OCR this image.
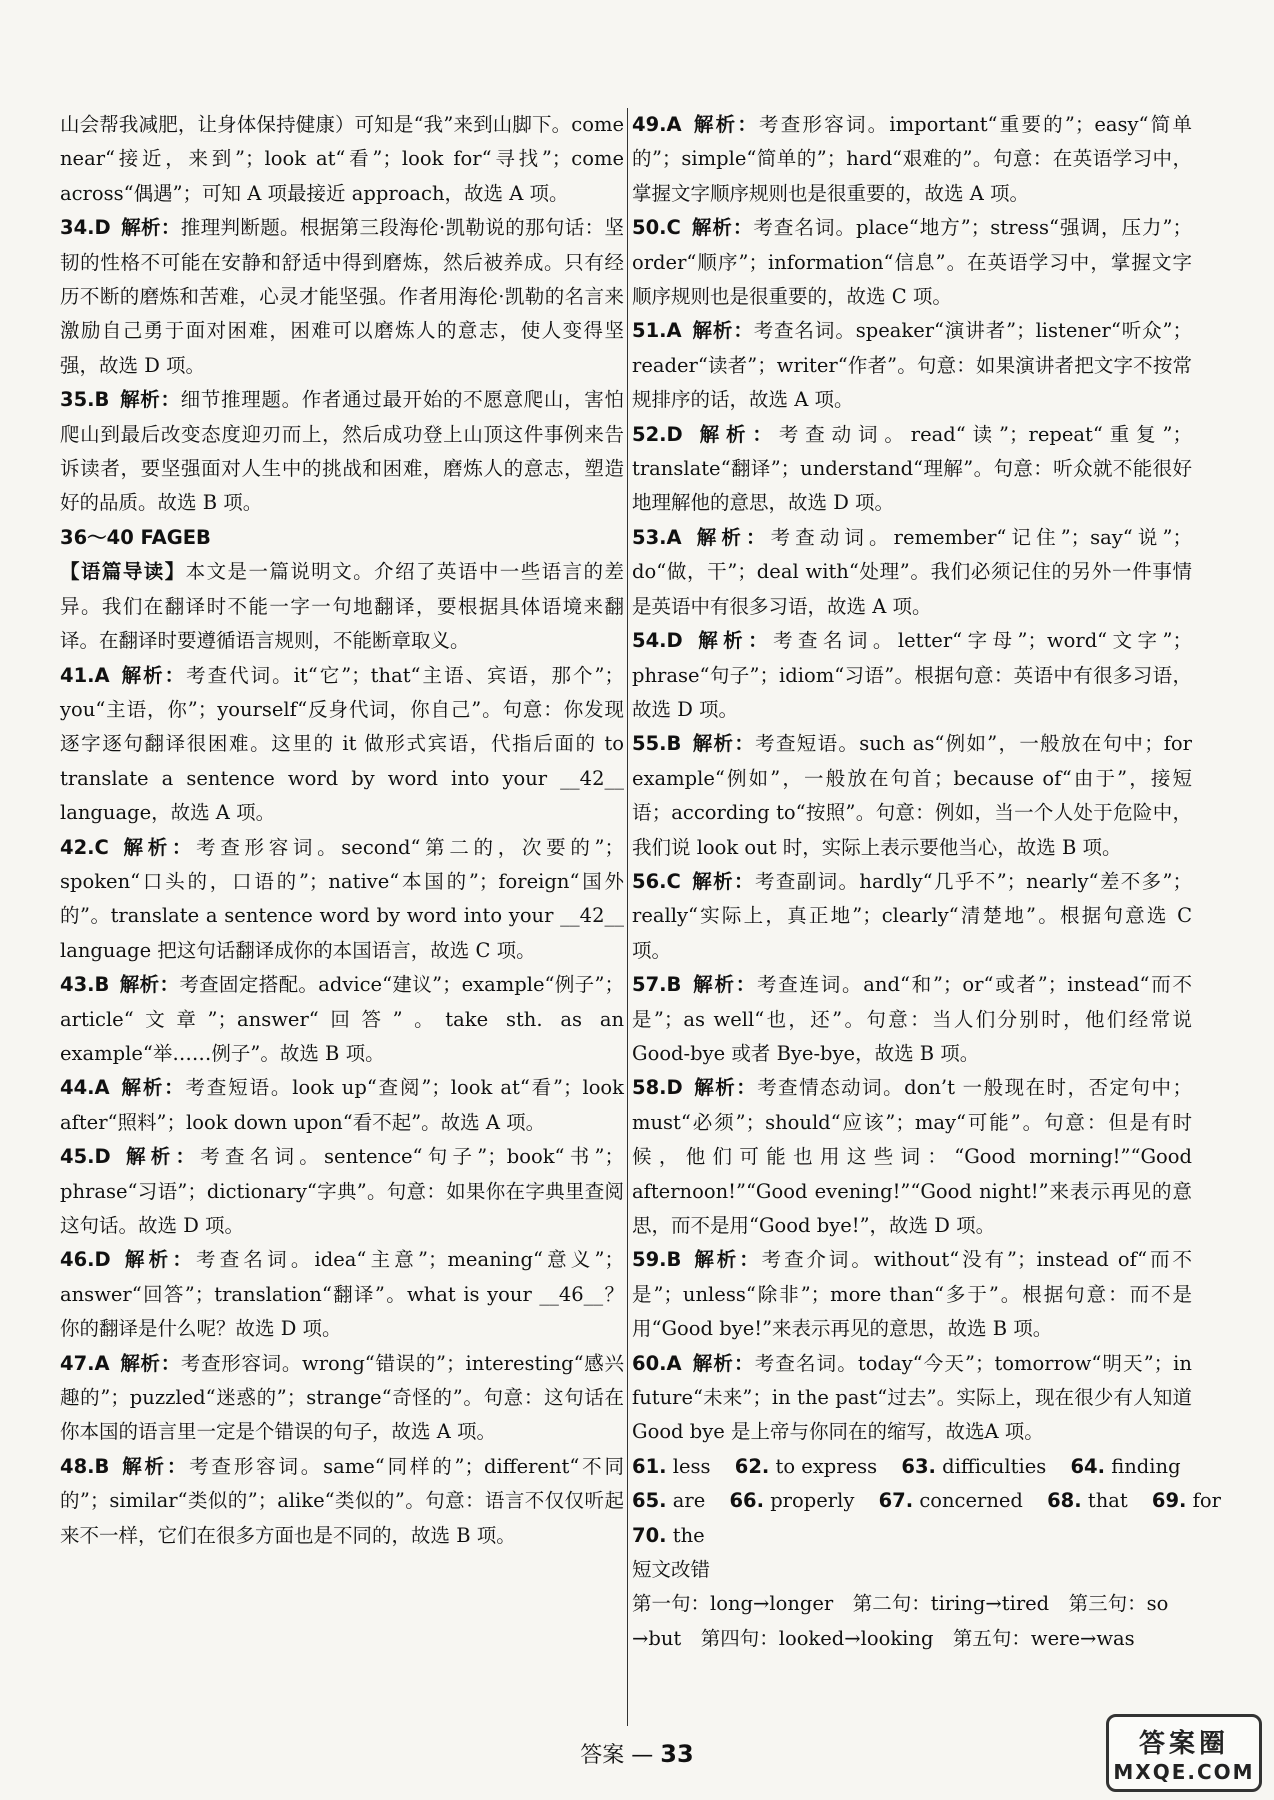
山会帮我减肥，让身体保持健康）可知是“我”来到山脚下。come near“接近，来到”；look at“看”；look for“寻找”；come across“偶遇”；可知 A 项最接近 approach，故选 A 项。

34.D 解析：推理判断题。根据第三段海伦·凯勒说的那句话：坚韧的性格不可能在安静和舒适中得到磨炼，然后被养成。只有经历不断的磨炼和苦难，心灵才能坚强。作者用海伦·凯勒的名言来激励自己勇于面对困难，困难可以磨炼人的意志，使人变得坚强，故选 D 项。

35.B 解析：细节推理题。作者通过最开始的不愿意爬山，害怕爬山到最后改变态度迎刃而上，然后成功登上山顶这件事例来告诉读者，要坚强面对人生中的挑战和困难，磨炼人的意志，塑造好的品质。故选 B 项。

36～40 FAGEB

【语篇导读】本文是一篇说明文。介绍了英语中一些语言的差异。我们在翻译时不能一字一句地翻译，要根据具体语境来翻译。在翻译时要遵循语言规则，不能断章取义。

41.A 解析：考查代词。it“它”；that“主语、宾语，那个”；you“主语，你”；yourself“反身代词，你自己”。句意：你发现逐字逐句翻译很困难。这里的 it 做形式宾语，代指后面的 to translate a sentence word by word into your __42__ language，故选 A 项。

42.C 解析：考查形容词。second“第二的，次要的”；spoken“口头的，口语的”；native“本国的”；foreign“国外的”。translate a sentence word by word into your __42__ language 把这句话翻译成你的本国语言，故选 C 项。

43.B 解析：考查固定搭配。advice“建议”；example“例子”；article“文章”；answer“回答”。take sth. as an example“举……例子”。故选 B 项。

44.A 解析：考查短语。look up“查阅”；look at“看”；look after“照料”；look down upon“看不起”。故选 A 项。

45.D 解析：考查名词。sentence“句子”；book“书”；phrase“习语”；dictionary“字典”。句意：如果你在字典里查阅这句话。故选 D 项。

46.D 解析：考查名词。idea“主意”；meaning“意义”；answer“回答”；translation“翻译”。what is your __46__？你的翻译是什么呢？故选 D 项。

47.A 解析：考查形容词。wrong“错误的”；interesting“感兴趣的”；puzzled“迷惑的”；strange“奇怪的”。句意：这句话在你本国的语言里一定是个错误的句子，故选 A 项。

48.B 解析：考查形容词。same“同样的”；different“不同的”；similar“类似的”；alike“类似的”。句意：语言不仅仅听起来不一样，它们在很多方面也是不同的，故选 B 项。

49.A 解析：考查形容词。important“重要的”；easy“简单的”；simple“简单的”；hard“艰难的”。句意：在英语学习中，掌握文字顺序规则也是很重要的，故选 A 项。

50.C 解析：考查名词。place“地方”；stress“强调，压力”；order“顺序”；information“信息”。在英语学习中，掌握文字顺序规则也是很重要的，故选 C 项。

51.A 解析：考查名词。speaker“演讲者”；listener“听众”；reader“读者”；writer“作者”。句意：如果演讲者把文字不按常规排序的话，故选 A 项。

52.D 解析：考查动词。read“读”；repeat“重复”；translate“翻译”；understand“理解”。句意：听众就不能很好地理解他的意思，故选 D 项。

53.A 解析：考查动词。remember“记住”；say“说”；do“做，干”；deal with“处理”。我们必须记住的另外一件事情是英语中有很多习语，故选 A 项。

54.D 解析：考查名词。letter“字母”；word“文字”；phrase“句子”；idiom“习语”。根据句意：英语中有很多习语，故选 D 项。

55.B 解析：考查短语。such as“例如”，一般放在句中；for example“例如”，一般放在句首；because of“由于”，接短语；according to“按照”。句意：例如，当一个人处于危险中，我们说 look out 时，实际上表示要他当心，故选 B 项。

56.C 解析：考查副词。hardly“几乎不”；nearly“差不多”；really“实际上，真正地”；clearly“清楚地”。根据句意选 C 项。

57.B 解析：考查连词。and“和”；or“或者”；instead“而不是”；as well“也，还”。句意：当人们分别时，他们经常说 Good-bye 或者 Bye-bye，故选 B 项。

58.D 解析：考查情态动词。don’t 一般现在时，否定句中；must“必须”；should“应该”；may“可能”。句意：但是有时候，他们可能也用这些词：“Good morning!”“Good afternoon!”“Good evening!”“Good night!”来表示再见的意思，而不是用“Good bye!”，故选 D 项。

59.B 解析：考查介词。without“没有”；instead of“而不是”；unless“除非”；more than“多于”。根据句意：而不是用“Good bye!”来表示再见的意思，故选 B 项。

60.A 解析：考查名词。today“今天”；tomorrow“明天”；in future“未来”；in the past“过去”。实际上，现在很少有人知道 Good bye 是上帝与你同在的缩写，故选A 项。

61. less 62. to express 63. difficulties 64. finding

65. are 66. properly 67. concerned 68. that 69. for

70. the

短文改错

第一句：long→longer　第二句：tiring→tired　第三句：so

→but　第四句：looked→looking　第五句：were→was

答案 — 33	答案圈
MXQE.COM
